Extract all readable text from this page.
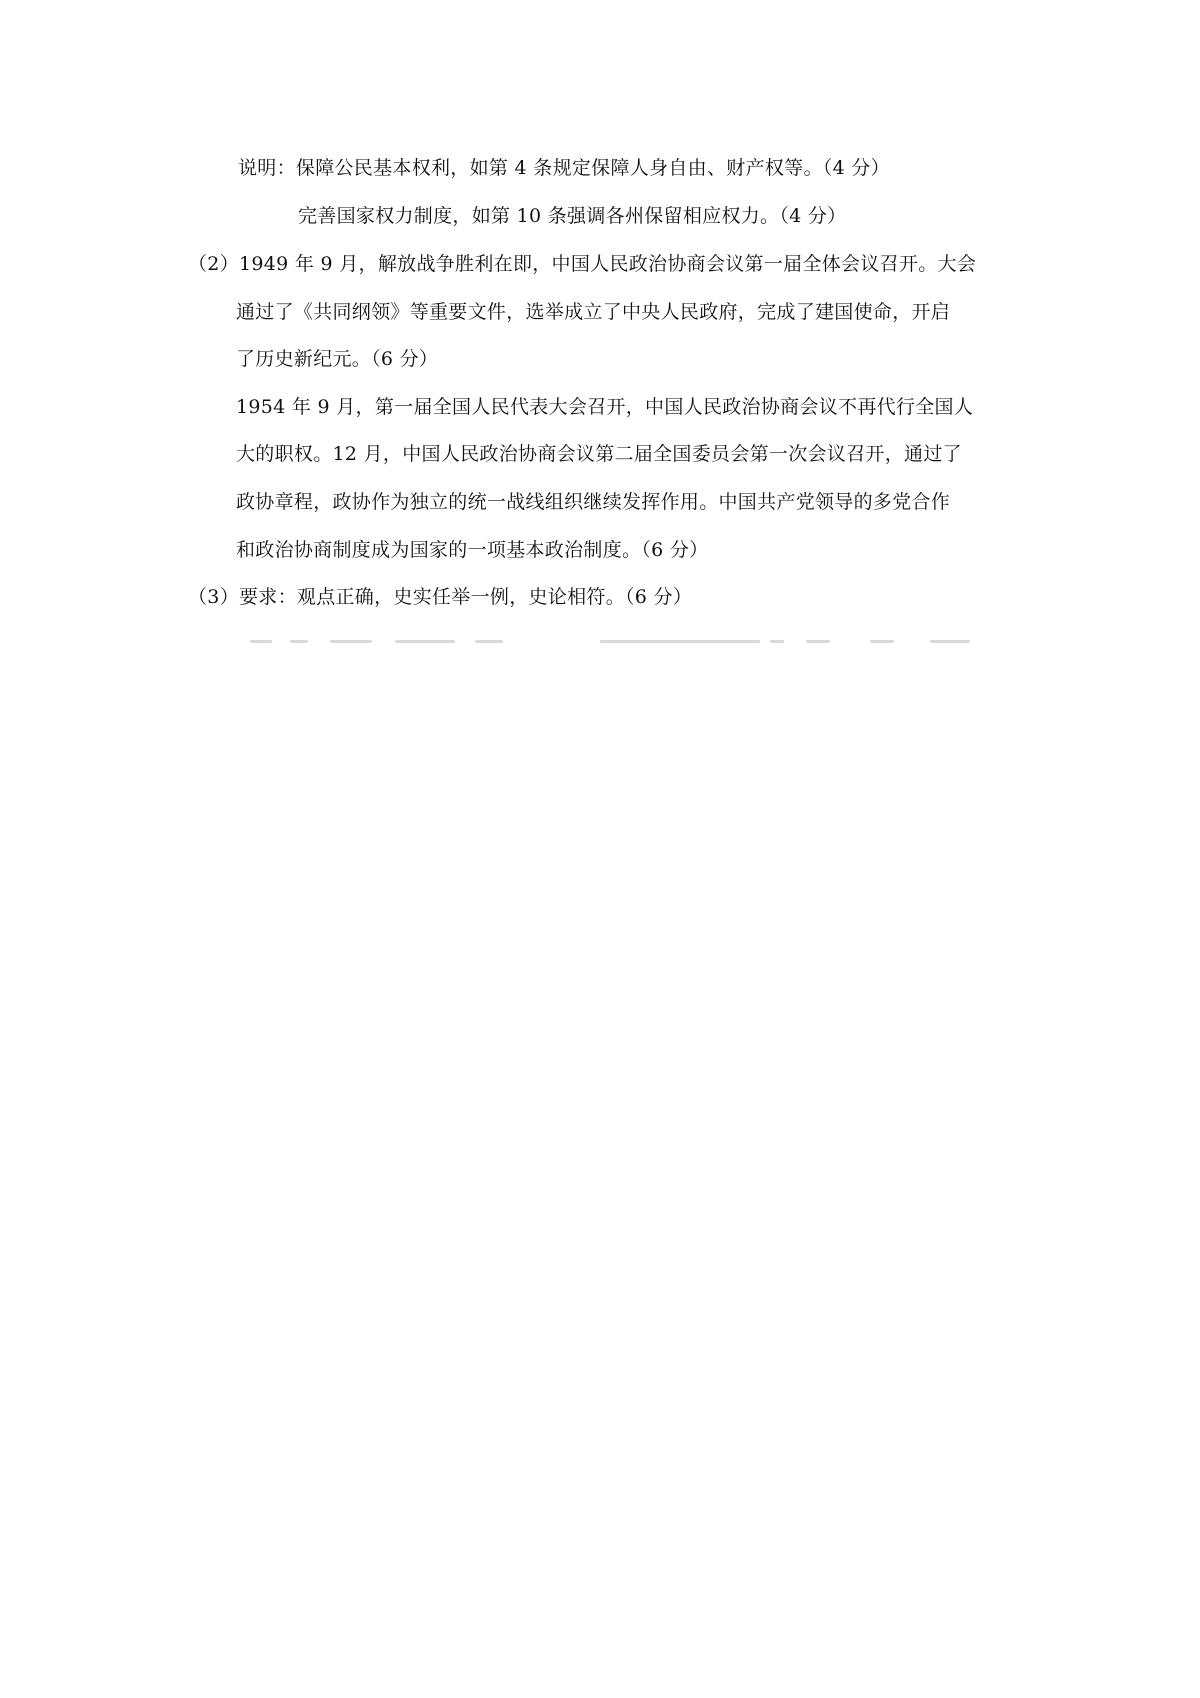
说明：保障公民基本权利，如第 4 条规定保障人身自由、财产权等。（4 分）
完善国家权力制度，如第 10 条强调各州保留相应权力。（4 分）
（2）1949 年 9 月，解放战争胜利在即，中国人民政治协商会议第一届全体会议召开。大会
通过了《共同纲领》等重要文件，选举成立了中央人民政府，完成了建国使命，开启
了历史新纪元。（6 分）
1954 年 9 月，第一届全国人民代表大会召开，中国人民政治协商会议不再代行全国人
大的职权。12 月，中国人民政治协商会议第二届全国委员会第一次会议召开，通过了
政协章程，政协作为独立的统一战线组织继续发挥作用。中国共产党领导的多党合作
和政治协商制度成为国家的一项基本政治制度。（6 分）
（3）要求：观点正确，史实任举一例，史论相符。（6 分）
